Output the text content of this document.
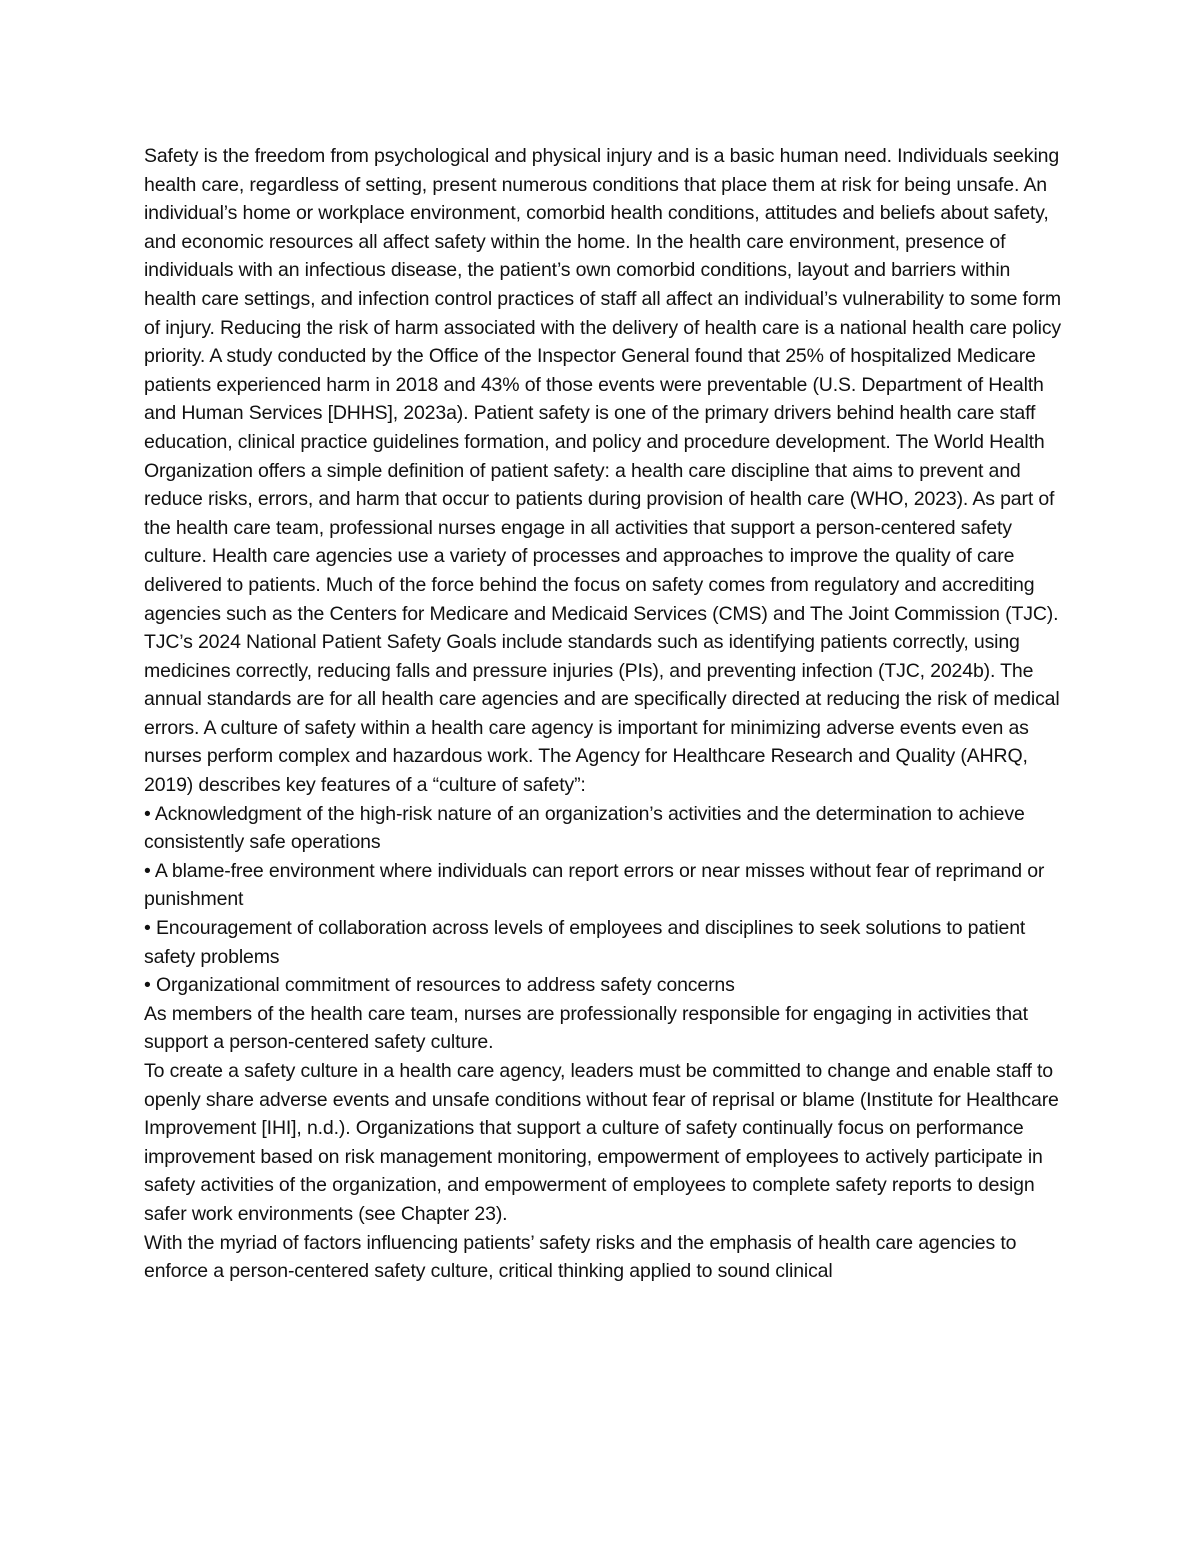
Safety is the freedom from psychological and physical injury and is a basic human need. Individuals seeking health care, regardless of setting, present numerous conditions that place them at risk for being unsafe. An individual’s home or workplace environment, comorbid health conditions, attitudes and beliefs about safety, and economic resources all affect safety within the home. In the health care environment, presence of individuals with an infectious disease, the patient’s own comorbid conditions, layout and barriers within health care settings, and infection control practices of staff all affect an individual’s vulnerability to some form of injury. Reducing the risk of harm associated with the delivery of health care is a national health care policy priority. A study conducted by the Office of the Inspector General found that 25% of hospitalized Medicare patients experienced harm in 2018 and 43% of those events were preventable (U.S. Department of Health and Human Services [DHHS], 2023a). Patient safety is one of the primary drivers behind health care staff education, clinical practice guidelines formation, and policy and procedure development. The World Health Organization offers a simple definition of patient safety: a health care discipline that aims to prevent and reduce risks, errors, and harm that occur to patients during provision of health care (WHO, 2023). As part of the health care team, professional nurses engage in all activities that support a person-centered safety culture. Health care agencies use a variety of processes and approaches to improve the quality of care delivered to patients. Much of the force behind the focus on safety comes from regulatory and accrediting agencies such as the Centers for Medicare and Medicaid Services (CMS) and The Joint Commission (TJC). TJC’s 2024 National Patient Safety Goals include standards such as identifying patients correctly, using medicines correctly, reducing falls and pressure injuries (PIs), and preventing infection (TJC, 2024b). The annual standards are for all health care agencies and are specifically directed at reducing the risk of medical errors. A culture of safety within a health care agency is important for minimizing adverse events even as nurses perform complex and hazardous work. The Agency for Healthcare Research and Quality (AHRQ, 2019) describes key features of a “culture of safety”:

• Acknowledgment of the high-risk nature of an organization’s activities and the determination to achieve consistently safe operations

• A blame-free environment where individuals can report errors or near misses without fear of reprimand or punishment

• Encouragement of collaboration across levels of employees and disciplines to seek solutions to patient safety problems

• Organizational commitment of resources to address safety concerns

As members of the health care team, nurses are professionally responsible for engaging in activities that support a person-centered safety culture.

To create a safety culture in a health care agency, leaders must be committed to change and enable staff to openly share adverse events and unsafe conditions without fear of reprisal or blame (Institute for Healthcare Improvement [IHI], n.d.). Organizations that support a culture of safety continually focus on performance improvement based on risk management monitoring, empowerment of employees to actively participate in safety activities of the organization, and empowerment of employees to complete safety reports to design safer work environments (see Chapter 23).

With the myriad of factors influencing patients’ safety risks and the emphasis of health care agencies to enforce a person-centered safety culture, critical thinking applied to sound clinical
